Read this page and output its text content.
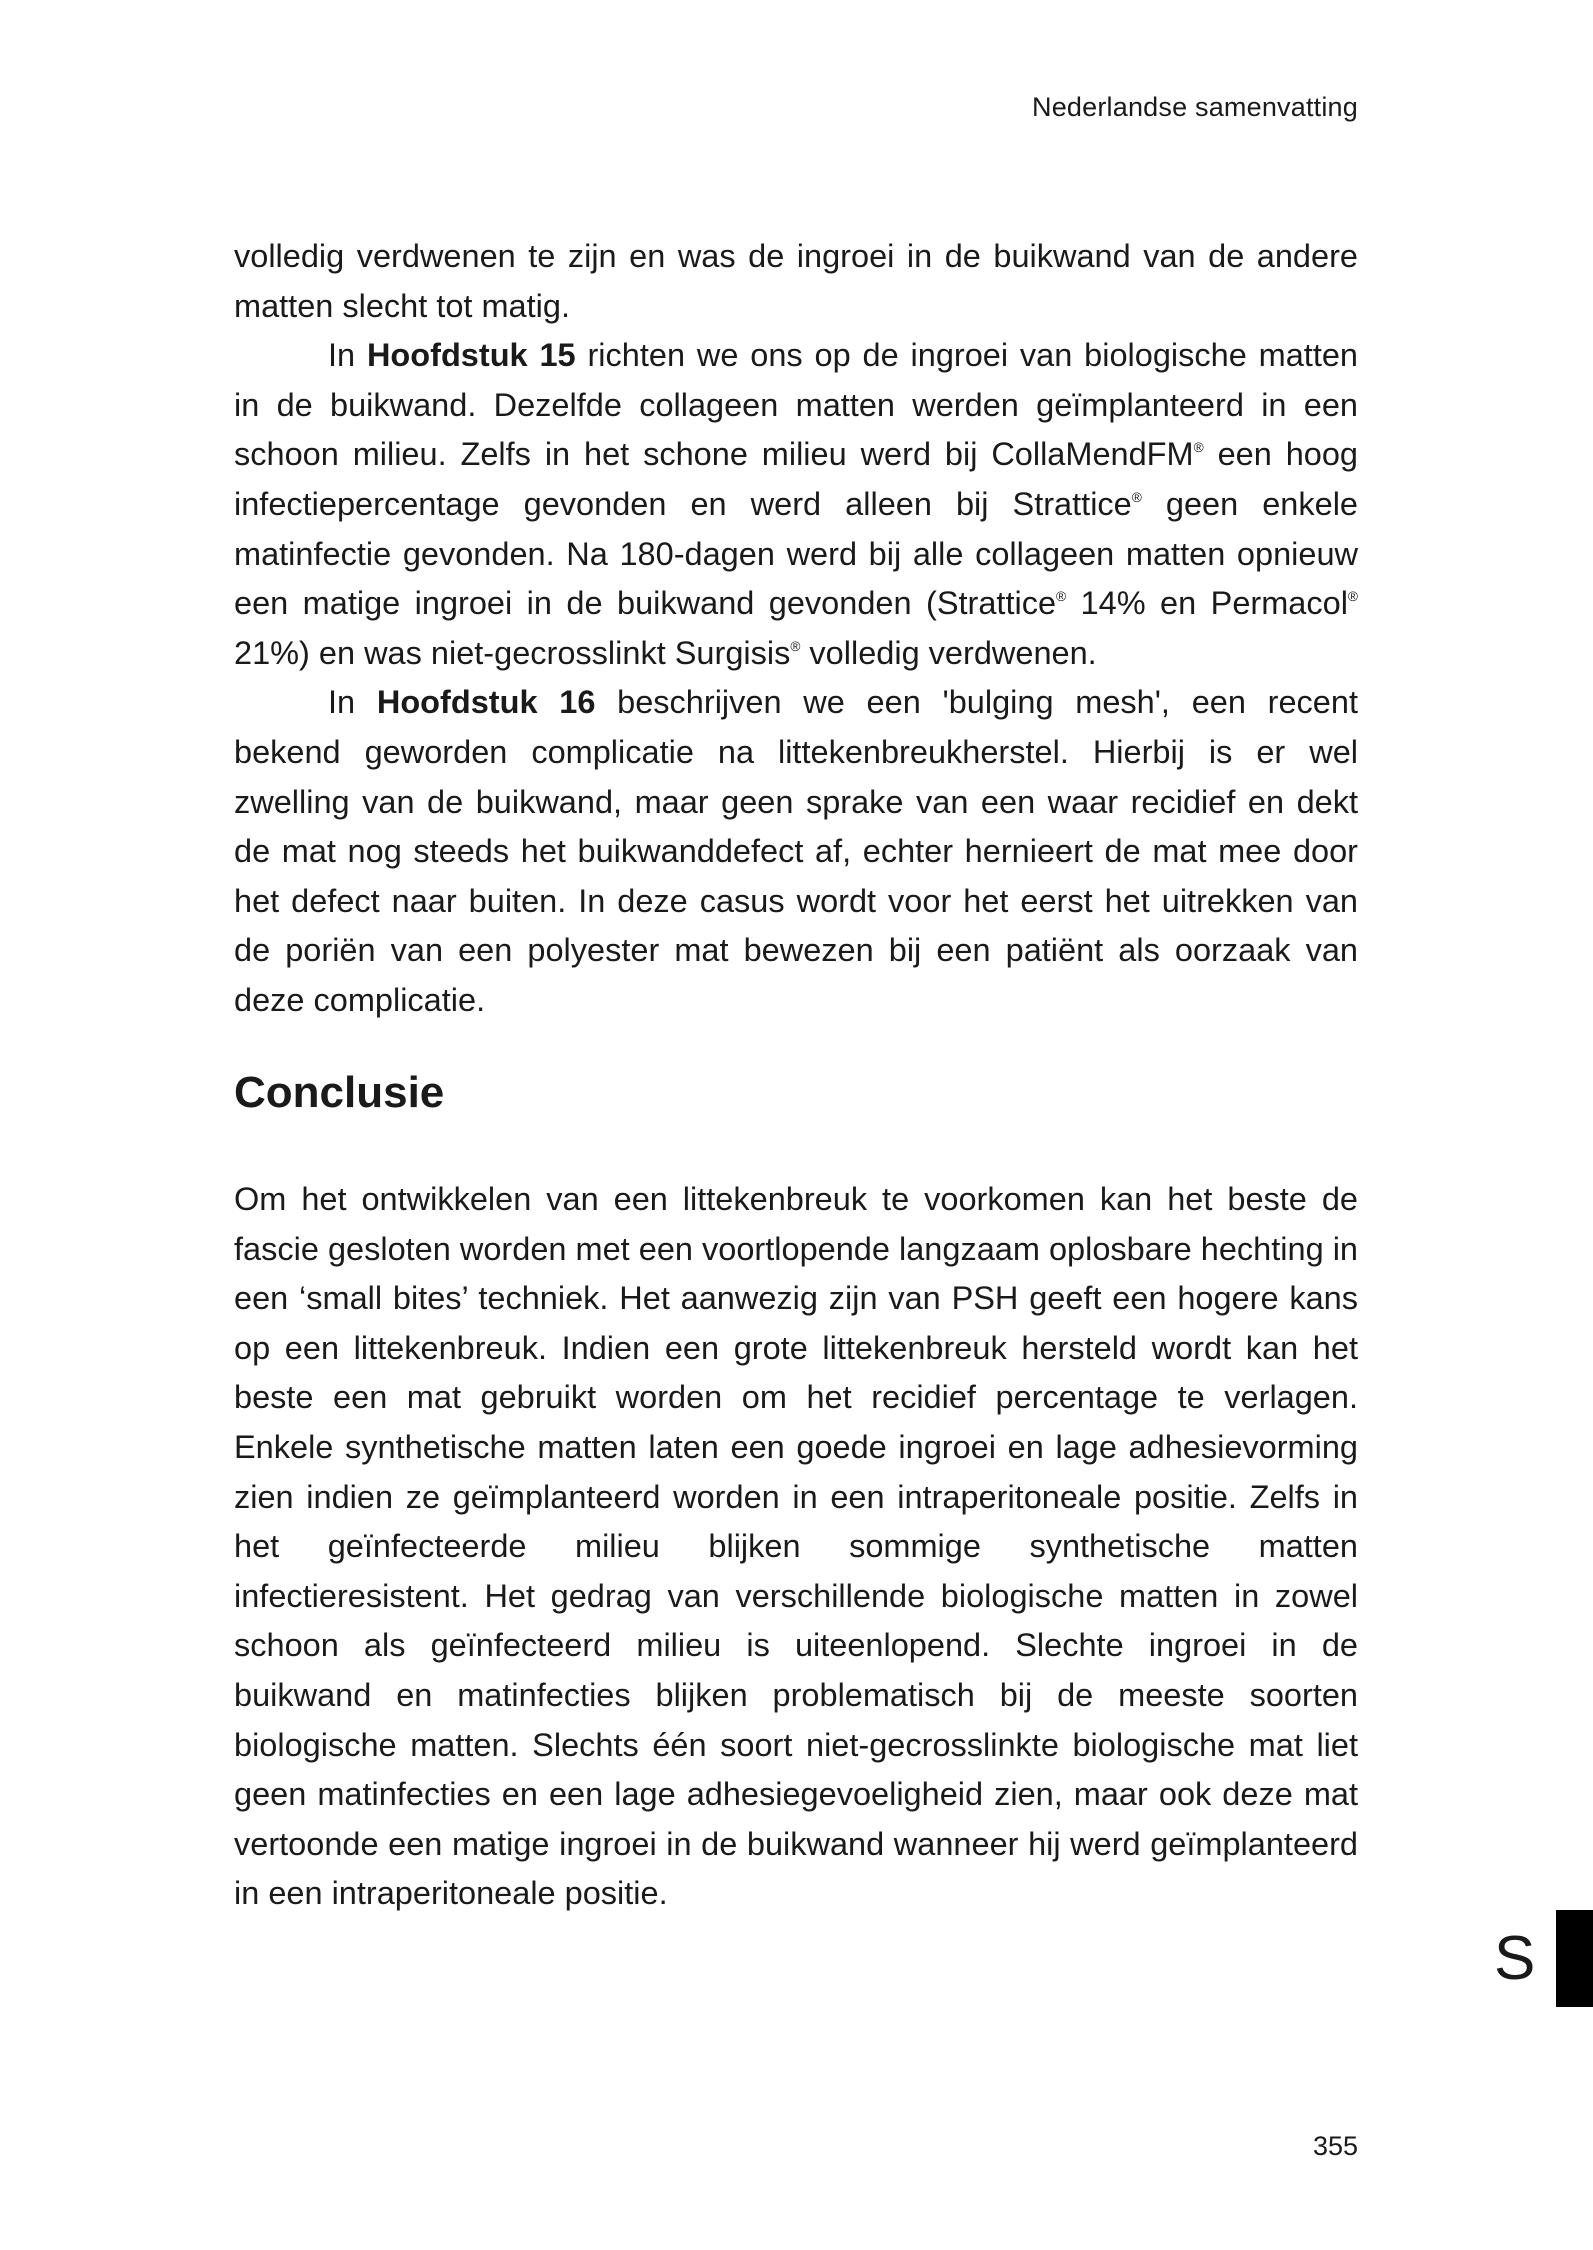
Nederlandse samenvatting

volledig verdwenen te zijn en was de ingroei in de buikwand van de andere matten slecht tot matig.

In Hoofdstuk 15 richten we ons op de ingroei van biologische matten in de buikwand. Dezelfde collageen matten werden geïmplanteerd in een schoon milieu. Zelfs in het schone milieu werd bij CollaMendFM® een hoog infectiepercentage gevonden en werd alleen bij Strattice® geen enkele matinfectie gevonden. Na 180-dagen werd bij alle collageen matten opnieuw een matige ingroei in de buikwand gevonden (Strattice® 14% en Permacol® 21%) en was niet-gecrosslinkt Surgisis® volledig verdwenen.

In Hoofdstuk 16 beschrijven we een 'bulging mesh', een recent bekend geworden complicatie na littekenbreukherstel. Hierbij is er wel zwelling van de buikwand, maar geen sprake van een waar recidief en dekt de mat nog steeds het buikwanddefect af, echter hernieert de mat mee door het defect naar buiten. In deze casus wordt voor het eerst het uitrekken van de poriën van een polyester mat bewezen bij een patiënt als oorzaak van deze complicatie.

Conclusie

Om het ontwikkelen van een littekenbreuk te voorkomen kan het beste de fascie gesloten worden met een voortlopende langzaam oplosbare hechting in een ‘small bites’ techniek. Het aanwezig zijn van PSH geeft een hogere kans op een littekenbreuk. Indien een grote littekenbreuk hersteld wordt kan het beste een mat gebruikt worden om het recidief percentage te verlagen. Enkele synthetische matten laten een goede ingroei en lage adhesievorming zien indien ze geïmplanteerd worden in een intraperitoneale positie. Zelfs in het geïnfecteerde milieu blijken sommige synthetische matten infectieresistent. Het gedrag van verschillende biologische matten in zowel schoon als geïnfecteerd milieu is uiteenlopend. Slechte ingroei in de buikwand en matinfecties blijken problematisch bij de meeste soorten biologische matten. Slechts één soort niet-gecrosslinkte biologische mat liet geen matinfecties en een lage adhesiegevoeligheid zien, maar ook deze mat vertoonde een matige ingroei in de buikwand wanneer hij werd geïmplanteerd in een intraperitoneale positie.

S
355
